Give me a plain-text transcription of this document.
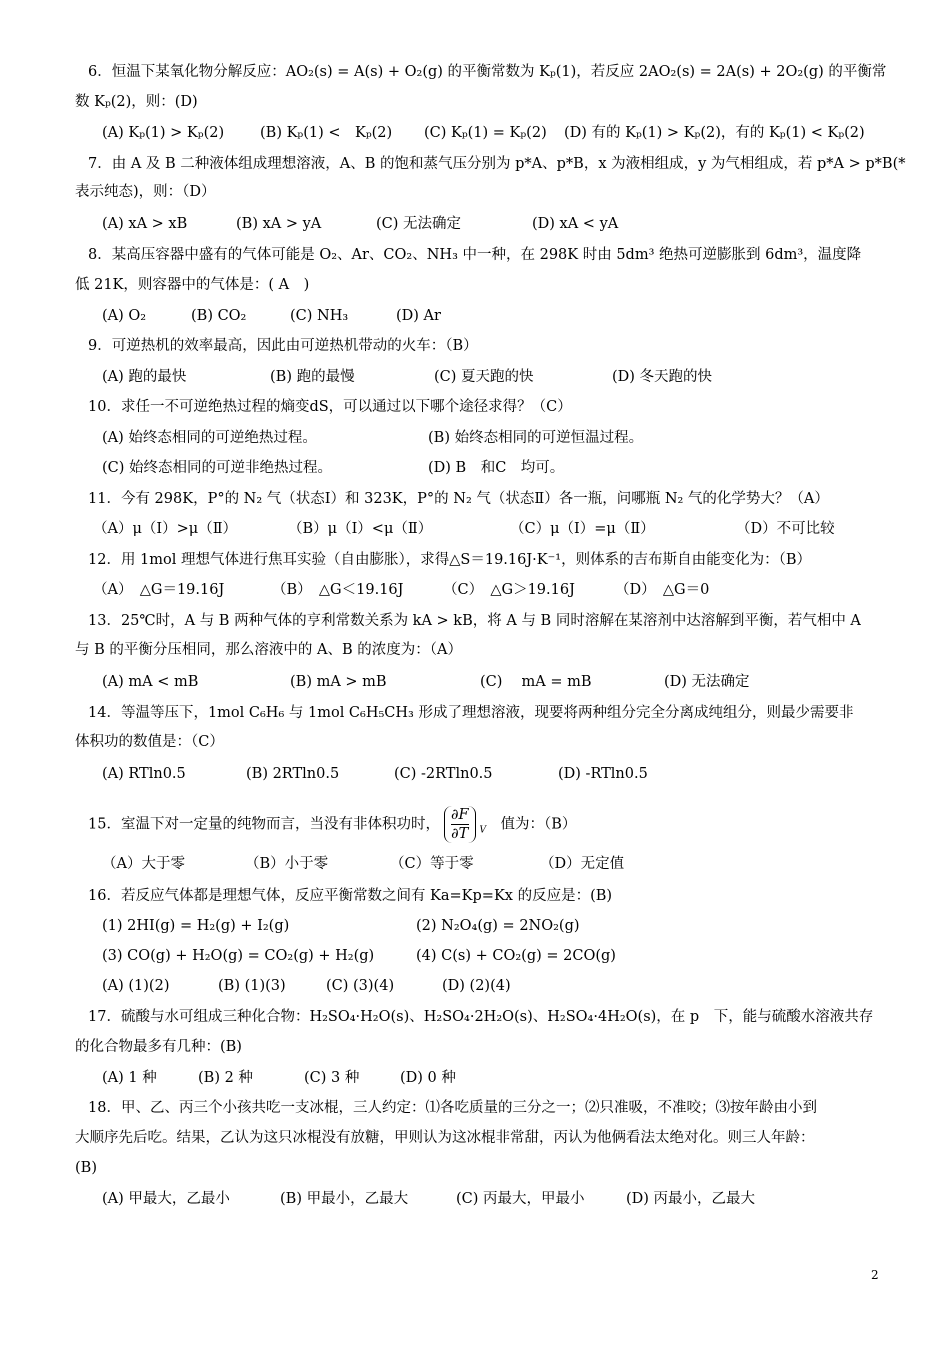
6．恒温下某氧化物分解反应：AO₂(s) = A(s) + O₂(g) 的平衡常数为 Kₚ(1)，若反应 2AO₂(s) = 2A(s) + 2O₂(g) 的平衡常
数 Kₚ(2)，则：(D)
7．由 A 及 B 二种液体组成理想溶液，A、B 的饱和蒸气压分别为 p*A、p*B，x 为液相组成，y 为气相组成，若 p*A > p*B(*
表示纯态)，则：（D）
8．某高压容器中盛有的气体可能是 O₂、Ar、CO₂、NH₃ 中一种，在 298K 时由 5dm³ 绝热可逆膨胀到 6dm³，温度降
低 21K，则容器中的气体是：( A　)
9．可逆热机的效率最高，因此由可逆热机带动的火车：（B）
10．求任一不可逆绝热过程的熵变dS，可以通过以下哪个途径求得？（C）
11．今有 298K，P°的 N₂ 气（状态Ⅰ）和 323K，P°的 N₂ 气（状态Ⅱ）各一瓶，问哪瓶 N₂ 气的化学势大？（A）
12．用 1mol 理想气体进行焦耳实验（自由膨胀），求得△S＝19.16J·K⁻¹，则体系的吉布斯自由能变化为：（B）
13．25℃时，A 与 B 两种气体的亨利常数关系为 kA > kB，将 A 与 B 同时溶解在某溶剂中达溶解到平衡，若气相中 A
与 B 的平衡分压相同，那么溶液中的 A、B 的浓度为：（A）
14．等温等压下，1mol C₆H₆ 与 1mol C₆H₅CH₃ 形成了理想溶液，现要将两种组分完全分离成纯组分，则最少需要非
体积功的数值是：（C）
16．若反应气体都是理想气体，反应平衡常数之间有 Ka=Kp=Kx 的反应是：(B)
17．硫酸与水可组成三种化合物：H₂SO₄·H₂O(s)、H₂SO₄·2H₂O(s)、H₂SO₄·4H₂O(s)，在 p　下，能与硫酸水溶液共存
的化合物最多有几种：(B)
18．甲、乙、丙三个小孩共吃一支冰棍，三人约定：⑴各吃质量的三分之一；⑵只准吸，不准咬；⑶按年龄由小到
大顺序先后吃。结果，乙认为这只冰棍没有放糖，甲则认为这冰棍非常甜，丙认为他俩看法太绝对化。则三人年龄：
(B)
(A) Kₚ(1) > Kₚ(2) (B) Kₚ(1) <　Kₚ(2) (C) Kₚ(1) = Kₚ(2) (D) 有的 Kₚ(1) > Kₚ(2)，有的 Kₚ(1) < Kₚ(2)
(A) xA > xB	(B) xA > yA	(C) 无法确定	(D) xA < yA
(A) O₂	(B) CO₂	(C) NH₃	(D) Ar
(A) 跑的最快	(B) 跑的最慢	(C) 夏天跑的快	(D) 冬天跑的快
(A) 始终态相同的可逆绝热过程。	(B) 始终态相同的可逆恒温过程。
(C) 始终态相同的可逆非绝热过程。	(D) B　和C　均可。
（A）μ（Ⅰ）>μ（Ⅱ）	（B）μ（Ⅰ）<μ（Ⅱ）	（C）μ（Ⅰ）=μ（Ⅱ）	（D）不可比较
（A）　△G＝19.16J	（B）　△G＜19.16J	（C）　△G＞19.16J	（D）　△G＝0
(A) mA < mB	(B) mA > mB	(C)　 mA = mB	(D) 无法确定
(A) RTln0.5	(B) 2RTln0.5	(C) -2RTln0.5	(D) -RTln0.5
（A）大于零	（B）小于零	（C）等于零	（D）无定值
(1) 2HI(g) = H₂(g) + I₂(g)	(2) N₂O₄(g) = 2NO₂(g)
(3) CO(g) + H₂O(g) = CO₂(g) + H₂(g)	(4) C(s) + CO₂(g) = 2CO(g)
(A) (1)(2)	(B) (1)(3)	(C) (3)(4)	(D) (2)(4)
(A) 1 种	(B) 2 种	(C) 3 种	(D) 0 种
(A) 甲最大，乙最小	(B) 甲最小，乙最大	(C) 丙最大，甲最小	(D) 丙最小，乙最大
15．室温下对一定量的纯物而言，当没有非体积功时， $\frac{\partial F}{\partial T} _V$　 值为：（B）
2
